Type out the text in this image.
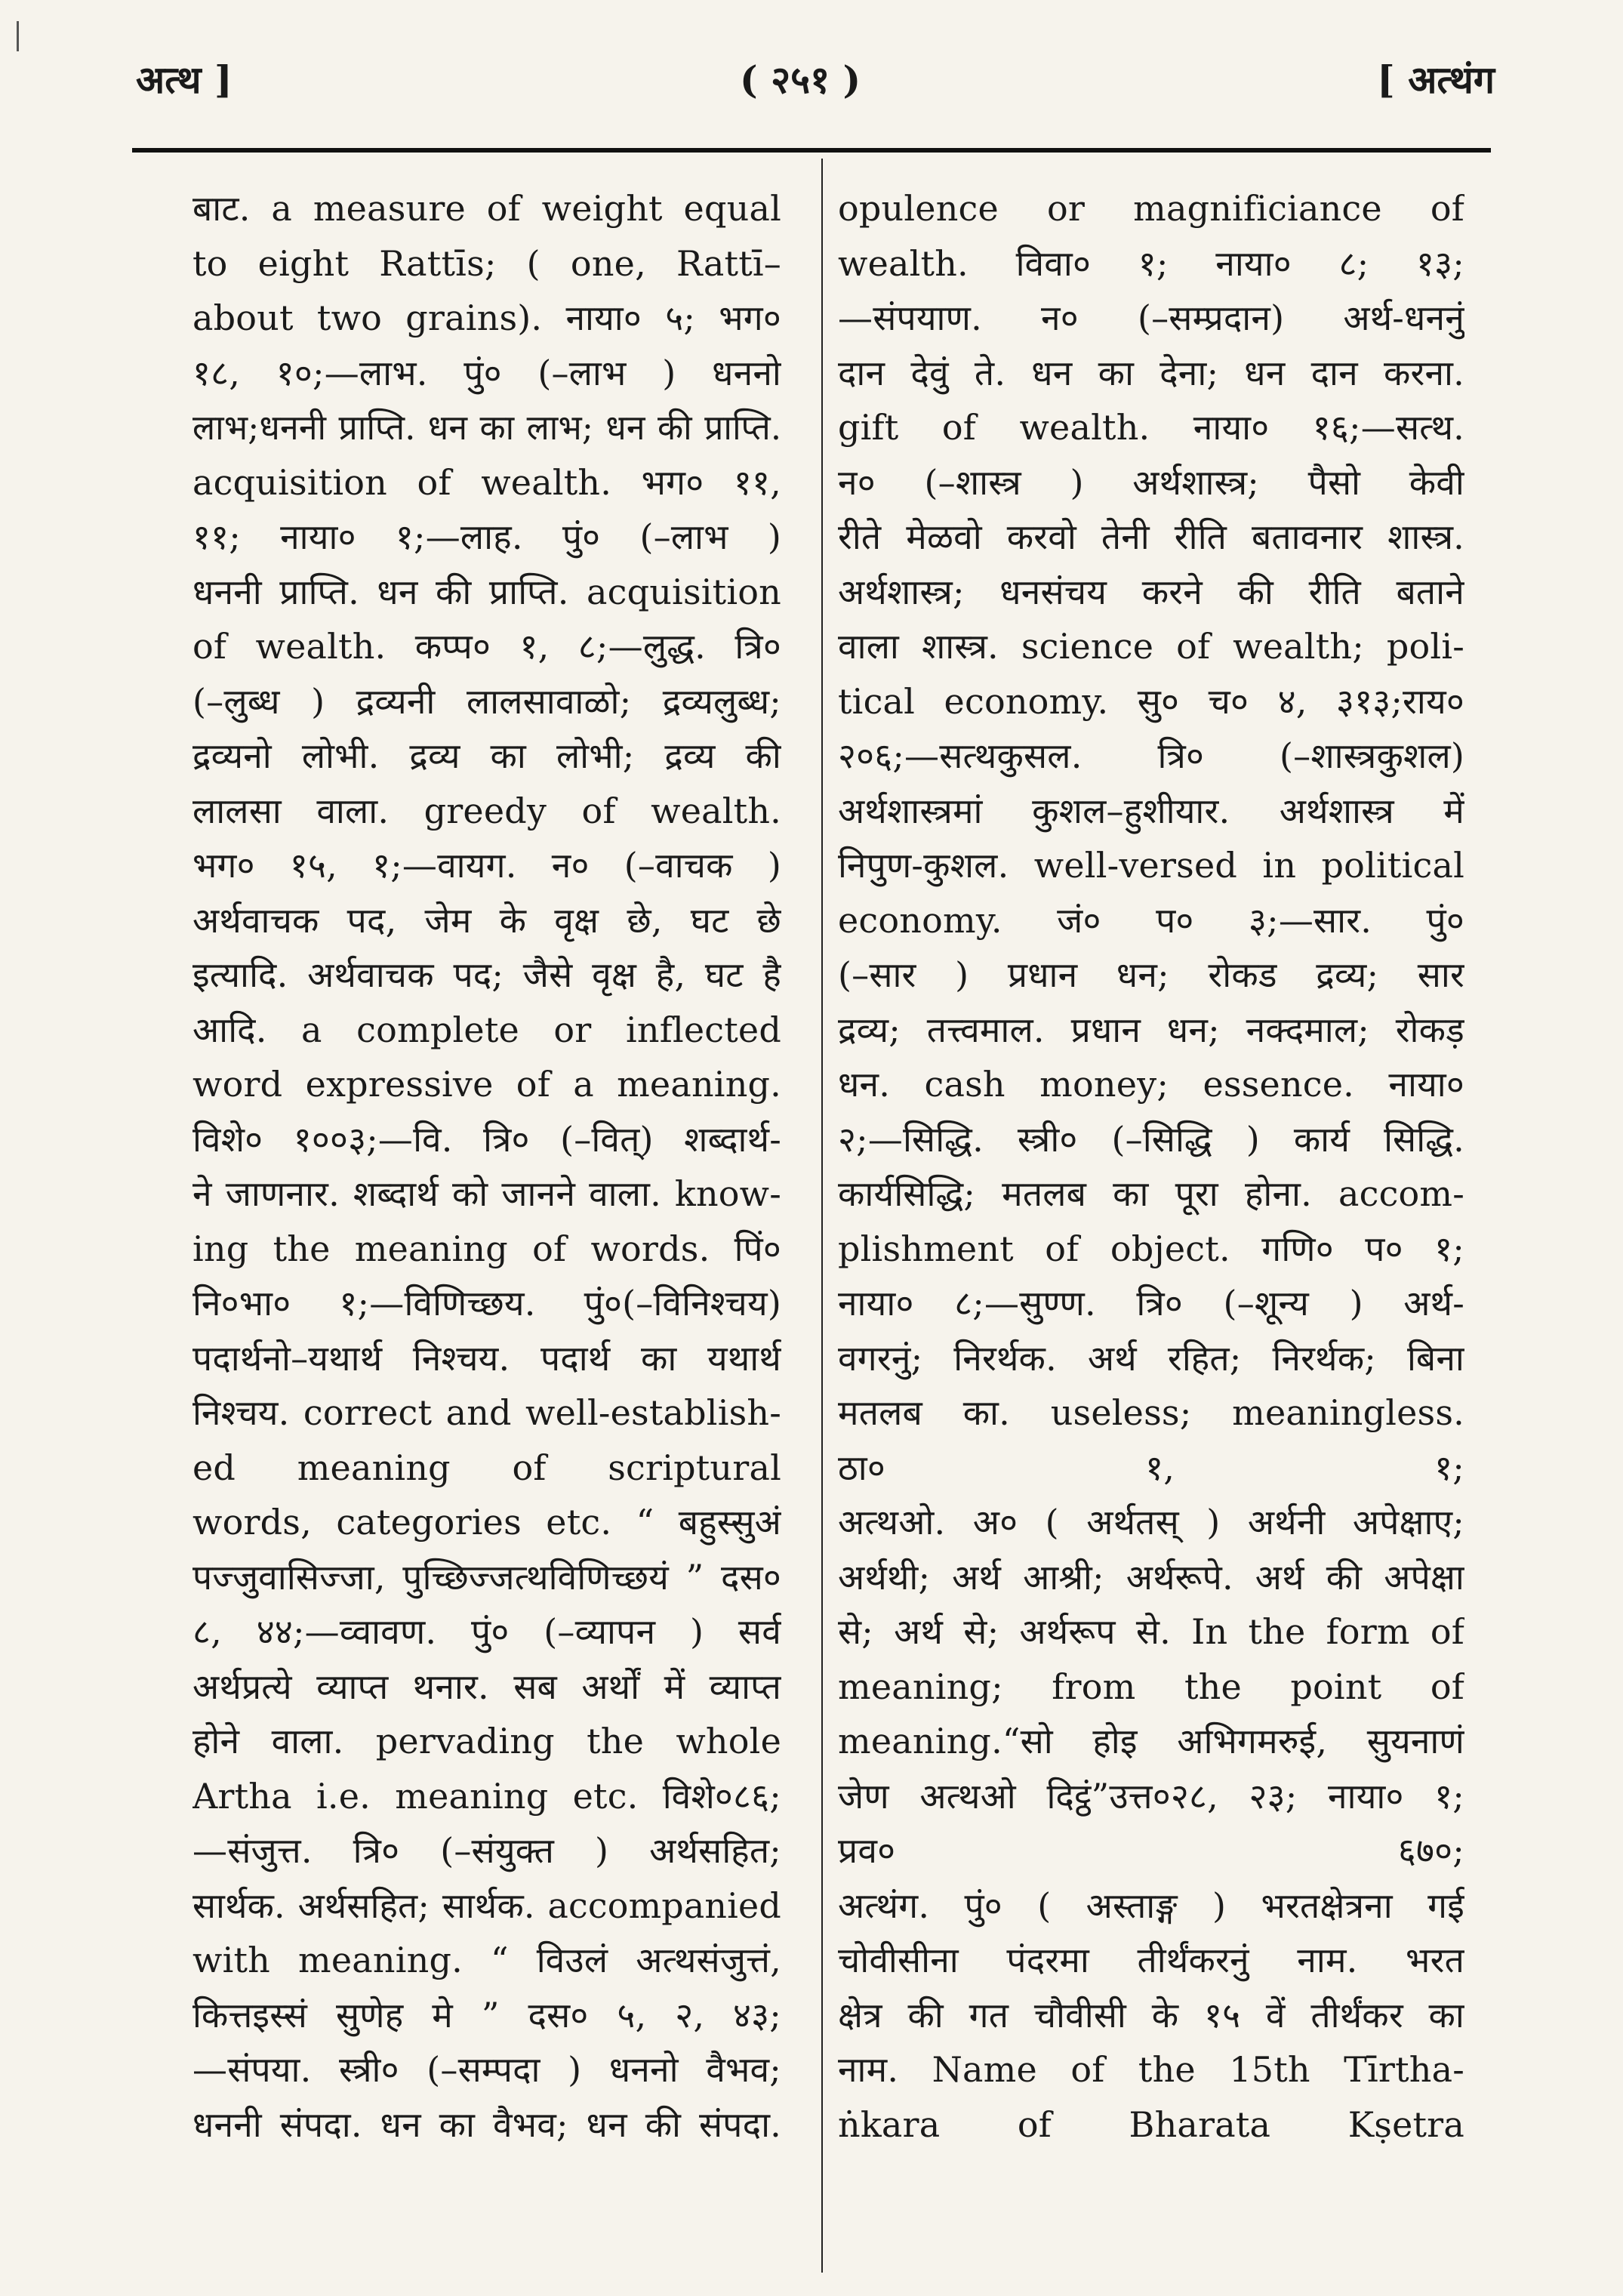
अत्थ ]	( २५१ )	[ अत्थंग
बाट. a measure of weight equal
to eight Rattīs; ( one, Rattī–
about two grains). नाया० ५; भग०
१८, १०;—लाभ. पुं० (–लाभ ) धननो
लाभ;धननी प्राप्ति. धन का लाभ; धन की प्राप्ति.
acquisition of wealth. भग० ११,
११; नाया० १;—लाह. पुं० (–लाभ )
धननी प्राप्ति. धन की प्राप्ति. acquisition
of wealth. कप्प० १, ८;—लुद्ध. त्रि०
(–लुब्ध ) द्रव्यनी लालसावाळो; द्रव्यलुब्ध;
द्रव्यनो लोभी. द्रव्य का लोभी; द्रव्य की
लालसा वाला. greedy of wealth.
भग० १५, १;—वायग. न० (–वाचक )
अर्थवाचक पद, जेम के वृक्ष छे, घट छे
इत्यादि. अर्थवाचक पद; जैसे वृक्ष है, घट है
आदि. a complete or inflected
word expressive of a meaning.
विशे० १००३;—वि. त्रि० (–वित्) शब्दार्थ-
ने जाणनार. शब्दार्थ को जानने वाला. know-
ing the meaning of words. पिं०
नि०भा० १;—विणिच्छय. पुं०(–विनिश्चय)
पदार्थनो–यथार्थ निश्चय. पदार्थ का यथार्थ
निश्चय. correct and well-establish-
ed meaning of scriptural
words, categories etc. “ बहुस्सुअं
पज्जुवासिज्जा, पुच्छिज्जत्थविणिच्छयं ” दस०
८, ४४;—व्वावण. पुं० (–व्यापन ) सर्व
अर्थप्रत्ये व्याप्त थनार. सब अर्थों में व्याप्त
होने वाला. pervading the whole
Artha i.e. meaning etc. विशे०८६;
—संजुत्त. त्रि० (–संयुक्त ) अर्थसहित;
सार्थक. अर्थसहित; सार्थक. accompanied
with meaning. “ विउलं अत्थसंजुत्तं,
कित्तइस्सं सुणेह मे ” दस० ५, २, ४३;
—संपया. स्त्री० (–सम्पदा ) धननो वैभव;
धननी संपदा. धन का वैभव; धन की संपदा.
opulence or magnificiance of
wealth. विवा० १; नाया० ८; १३;
—संपयाण. न० (–सम्प्रदान) अर्थ-धननुं
दान देवुं ते. धन का देना; धन दान करना.
gift of wealth. नाया० १६;—सत्थ.
न० (–शास्त्र ) अर्थशास्त्र; पैसो केवी
रीते मेळवो करवो तेनी रीति बतावनार शास्त्र.
अर्थशास्त्र; धनसंचय करने की रीति बताने
वाला शास्त्र. science of wealth; poli-
tical economy. सु० च० ४, ३१३;राय०
२०६;—सत्थकुसल. त्रि० (–शास्त्रकुशल)
अर्थशास्त्रमां कुशल–हुशीयार. अर्थशास्त्र में
निपुण-कुशल. well-versed in political
economy. जं० प० ३;—सार. पुं०
(–सार ) प्रधान धन; रोकड द्रव्य; सार
द्रव्य; तत्त्वमाल. प्रधान धन; नक्दमाल; रोकड़
धन. cash money; essence. नाया०
२;—सिद्धि. स्त्री० (–सिद्धि ) कार्य सिद्धि.
कार्यसिद्धि; मतलब का पूरा होना. accom-
plishment of object. गणि० प० १;
नाया० ८;—सुण्ण. त्रि० (–शून्य ) अर्थ-
वगरनुं; निरर्थक. अर्थ रहित; निरर्थक; बिना
मतलब का. useless; meaningless.
ठा० १, १;
अत्थओ. अ० ( अर्थतस् ) अर्थनी अपेक्षाए;
अर्थथी; अर्थ आश्री; अर्थरूपे. अर्थ की अपेक्षा
से; अर्थ से; अर्थरूप से. In the form of
meaning; from the point of
meaning.“सो होइ अभिगमरुई, सुयनाणं
जेण अत्थओ दिट्ठं”उत्त०२८, २३; नाया० १;
प्रव० ६७०;
अत्थंग. पुं० ( अस्ताङ्ग ) भरतक्षेत्रना गई
चोवीसीना पंदरमा तीर्थंकरनुं नाम. भरत
क्षेत्र की गत चौवीसी के १५ वें तीर्थंकर का
नाम. Name of the 15th Tīrtha-
ṅkara of Bharata Kṣetra
